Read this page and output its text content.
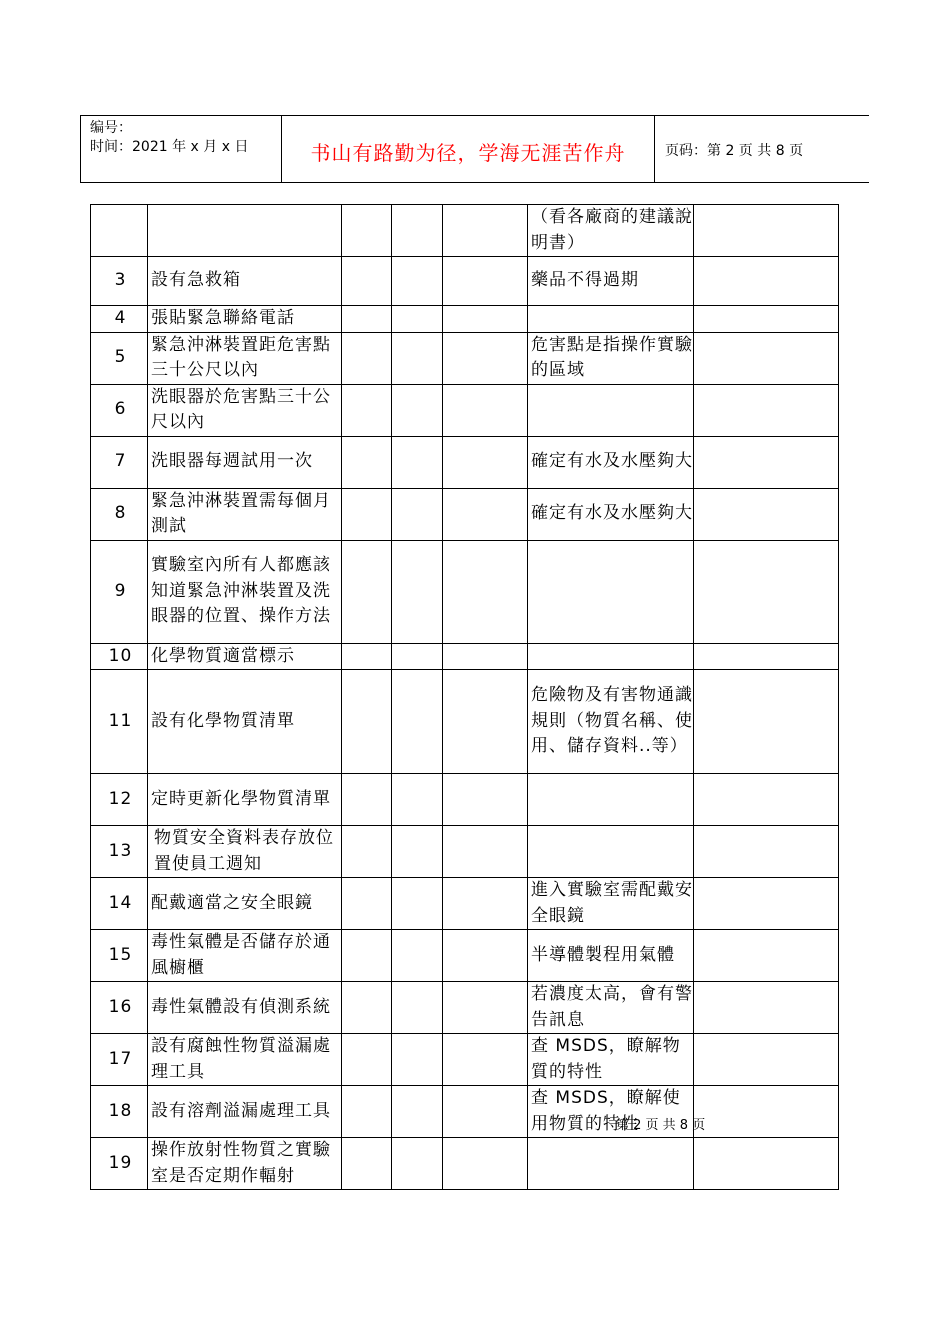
编号：
时间：2021 年 x 月 x 日	书山有路勤为径，学海无涯苦作舟	页码：第 2 页 共 8 页
					（看各廠商的建議說明書）	
3	設有急救箱				藥品不得過期	
4	張貼緊急聯絡電話					
5	緊急沖淋裝置距危害點三十公尺以內				危害點是指操作實驗的區域	
6	洗眼器於危害點三十公尺以內					
7	洗眼器每週試用一次				確定有水及水壓夠大	
8	緊急沖淋裝置需每個月測試				確定有水及水壓夠大	
9	實驗室內所有人都應該知道緊急沖淋裝置及洗眼器的位置、操作方法					
10	化學物質適當標示					
11	設有化學物質清單				危險物及有害物通識規則（物質名稱、使用、儲存資料..等）	
12	定時更新化學物質清單					
13	物質安全資料表存放位置使員工週知					
14	配戴適當之安全眼鏡				進入實驗室需配戴安全眼鏡	
15	毒性氣體是否儲存於通風櫥櫃				半導體製程用氣體	
16	毒性氣體設有偵測系統				若濃度太高，會有警告訊息	
17	設有腐蝕性物質溢漏處理工具				查 MSDS，瞭解物質的特性	
18	設有溶劑溢漏處理工具				查 MSDS，瞭解使用物質的特性	
19	操作放射性物質之實驗室是否定期作輻射					
第 2 页 共 8 页
